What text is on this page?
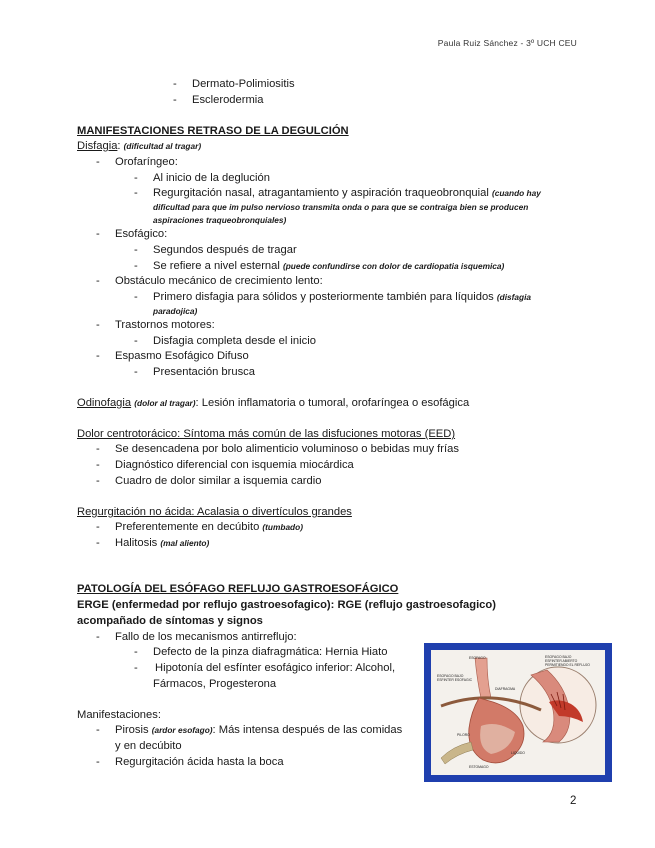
Paula Ruiz Sánchez - 3º UCH CEU
- Dermato-Polimiositis
- Esclerodermia
MANIFESTACIONES RETRASO DE LA DEGULCIÓN
Disfagia: (dificultad al tragar)
- Orofaríngeo:
- Al inicio de la deglución
- Regurgitación nasal, atragantamiento y aspiración traqueobronquial (cuando hay
dificultad para que im pulso nervioso transmita onda o para que se contraiga bien se producen
aspiraciones traqueobronquiales)
- Esofágico:
- Segundos después de tragar
- Se refiere a nivel esternal (puede confundirse con dolor de cardiopatia isquemica)
- Obstáculo mecánico de crecimiento lento:
- Primero disfagia para sólidos y posteriormente también para líquidos (disfagia
paradojica)
- Trastornos motores:
- Disfagia completa desde el inicio
- Espasmo Esofágico Difuso
- Presentación brusca
Odinofagia (dolor al tragar): Lesión inflamatoria o tumoral, orofaríngea o esofágica
Dolor centrotorácico: Síntoma más común de las disfuciones motoras (EED)
- Se desencadena por bolo alimenticio voluminoso o bebidas muy frías
- Diagnóstico diferencial con isquemia miocárdica
- Cuadro de dolor similar a isquemia cardio
Regurgitación no ácida: Acalasia o divertículos grandes
- Preferentemente en decúbito (tumbado)
- Halitosis (mal aliento)
PATOLOGÍA DEL ESÓFAGO REFLUJO GASTROESOFÁGICO
ERGE (enfermedad por reflujo gastroesofagico): RGE (reflujo gastroesofagico)
acompañado de síntomas y signos
- Fallo de los mecanismos antirreflujo:
- Defecto de la pinza diafragmática: Hernia Hiato
- Hipotonía del esfínter esofágico inferior: Alcohol,
Fármacos, Progesterona
Manifestaciones:
- Pirosis (ardor esofago): Más intensa después de las comidas
y en decúbito
- Regurgitación ácida hasta la boca
ESOFAGO
ESOFAGO BAJO
ESFINTER ESOFAGIC
ESOFAGO BAJO
ESFINTER ABIERTO
PERMITIENDO EL REFLUJO
DIAFRAGMA
PILORO
ESTOMAGO
LIQUIDO
2
